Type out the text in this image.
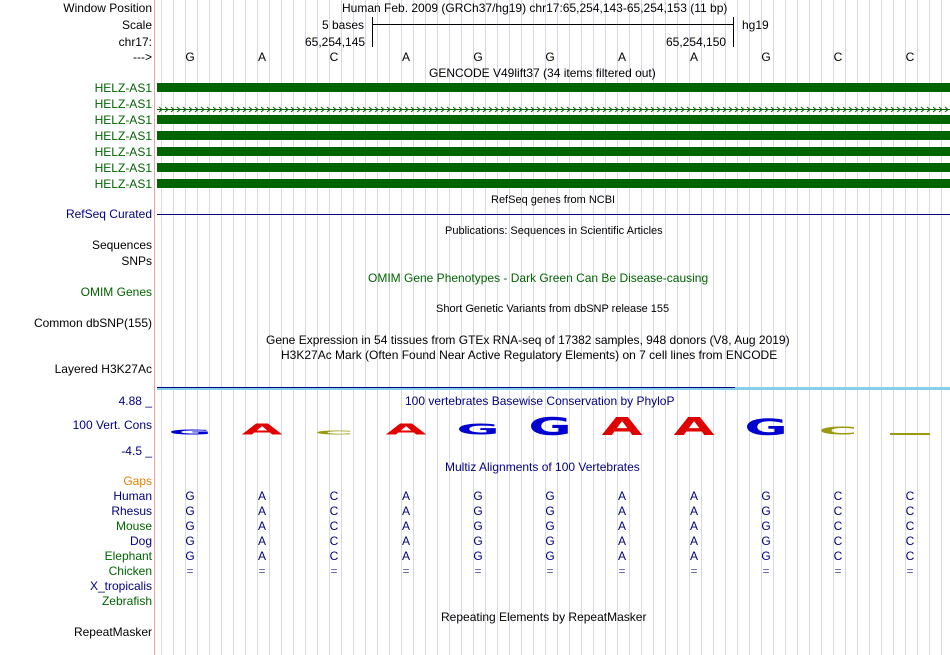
Window Position	Human Feb. 2009 (GRCh37/hg19) chr17:65,254,143-65,254,153 (11 bp)
Scale	5 bases	hg19
chr17:	65,254,145	65,254,150
--->	G	A	C	A	G	G	A	A	G	C	C
GENCODE V49lift37 (34 items filtered out)
HELZ-AS1
HELZ-AS1
HELZ-AS1
HELZ-AS1
HELZ-AS1
HELZ-AS1
HELZ-AS1
RefSeq genes from NCBI
RefSeq Curated
Publications: Sequences in Scientific Articles
Sequences
SNPs
OMIM Gene Phenotypes - Dark Green Can Be Disease-causing
OMIM Genes
Short Genetic Variants from dbSNP release 155
Common dbSNP(155)
Gene Expression in 54 tissues from GTEx RNA-seq of 17382 samples, 948 donors (V8, Aug 2019)
H3K27Ac Mark (Often Found Near Active Regulatory Elements) on 7 cell lines from ENCODE
Layered H3K27Ac
4.88 _	100 vertebrates Basewise Conservation by PhyloP
100 Vert. Cons
-4.5 _
G	A	C	A	G	G	A	A	G	C
Multiz Alignments of 100 Vertebrates
Gaps
Human	G	A	C	A	G	G	A	A	G	C	C
Rhesus	G	A	C	A	G	G	A	A	G	C	C
Mouse	G	A	C	A	G	G	A	A	G	C	C
Dog	G	A	C	A	G	G	A	A	G	C	C
Elephant	G	A	C	A	G	G	A	A	G	C	C
Chicken	=	=	=	=	=	=	=	=	=	=	=
X_tropicalis
Zebrafish
Repeating Elements by RepeatMasker
RepeatMasker
